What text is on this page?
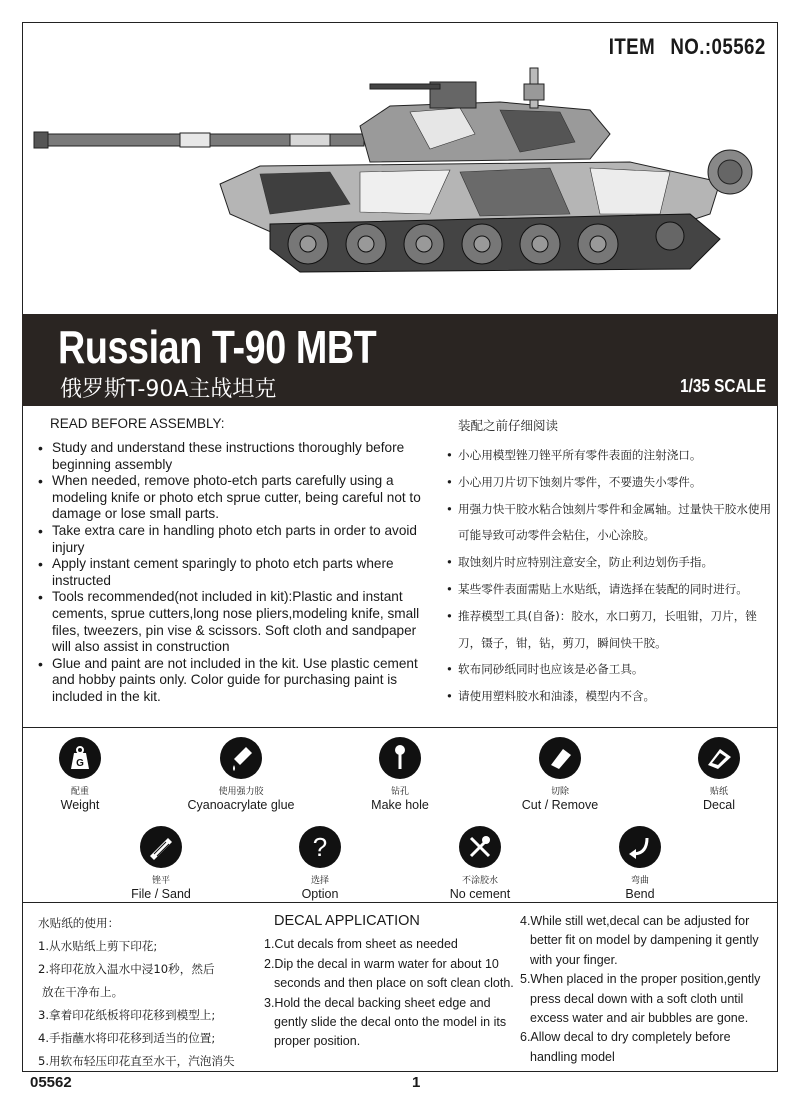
ITEM NO.:05562
Russian T-90 MBT
俄罗斯T-90A主战坦克	1/35 SCALE
READ BEFORE ASSEMBLY:
• Study and understand these instructions thoroughly before beginning assembly
• When needed, remove photo-etch parts carefully using a modeling knife or photo etch sprue cutter, being careful not to damage or lose small parts.
• Take extra care in handling photo etch parts in order to avoid injury
• Apply instant cement sparingly to photo etch parts where instructed
• Tools recommended(not included in kit):Plastic and instant cements, sprue cutters,long nose pliers,modeling knife, small files, tweezers, pin vise & scissors. Soft cloth and sandpaper will also assist in construction
• Glue and paint are not included in the kit. Use plastic cement and hobby paints only. Color guide for purchasing paint is included in the kit.
装配之前仔细阅读
• 小心用模型锉刀锉平所有零件表面的注射浇口。
• 小心用刀片切下蚀刻片零件，不要遗失小零件。
• 用强力快干胶水粘合蚀刻片零件和金属轴。过量快干胶水使用可能导致可动零件会粘住，小心涂胶。
• 取蚀刻片时应特别注意安全，防止利边划伤手指。
• 某些零件表面需贴上水贴纸，请选择在装配的同时进行。
• 推荐模型工具(自备)：胶水，水口剪刀，长咀钳，刀片，锉刀，镊子，钳，钻，剪刀，瞬间快干胶。
• 软布同砂纸同时也应该是必备工具。
• 请使用塑料胶水和油漆，模型内不含。
G
配重
Weight
使用强力胶
Cyanoacrylate glue
钻孔
Make hole
切除
Cut / Remove
贴纸
Decal
锉平
File / Sand
?
选择
Option
不涂胶水
No cement
弯曲
Bend
水贴纸的使用：
1.从水贴纸上剪下印花;
2.将印花放入温水中浸10秒，然后
放在干净布上。
3.拿着印花纸板将印花移到模型上;
4.手指蘸水将印花移到适当的位置;
5.用软布轻压印花直至水干，汽泡消失
DECAL APPLICATION
1.Cut decals from sheet as needed
2.Dip the decal in warm water for about 10 seconds and then place on soft clean cloth.
3.Hold the decal backing sheet edge and gently slide the decal onto the model in its proper position.
4.While still wet,decal can be adjusted for better fit on model by dampening it gently with your finger.
5.When placed in the proper position,gently press decal down with a soft cloth until excess water and air bubbles are gone.
6.Allow decal to dry completely before handling model
05562	1
